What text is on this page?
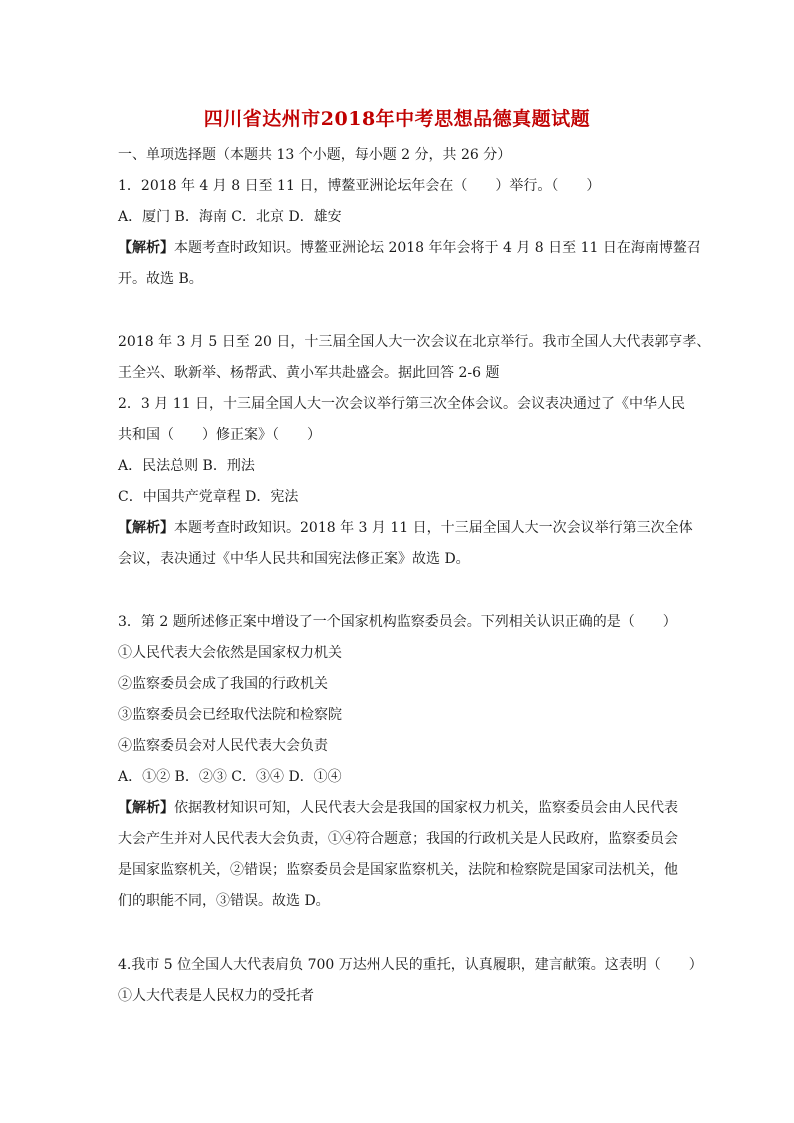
四川省达州市2018年中考思想品德真题试题
一、单项选择题（本题共 13 个小题，每小题 2 分，共 26 分）
1．2018 年 4 月 8 日至 11 日，博鳌亚洲论坛年会在（　　）举行。（　　）
A．厦门 B．海南 C．北京 D．雄安
【解析】本题考查时政知识。博鳌亚洲论坛 2018 年年会将于 4 月 8 日至 11 日在海南博鳌召
开。故选 B。
2018 年 3 月 5 日至 20 日，十三届全国人大一次会议在北京举行。我市全国人大代表郭亨孝、
王全兴、耿新举、杨帮武、黄小军共赴盛会。据此回答 2-6 题
2．3 月 11 日，十三届全国人大一次会议举行第三次全体会议。会议表决通过了《中华人民
共和国（　　）修正案》（　　）
A．民法总则 B．刑法
C．中国共产党章程 D．宪法
【解析】本题考查时政知识。2018 年 3 月 11 日，十三届全国人大一次会议举行第三次全体
会议，表决通过《中华人民共和国宪法修正案》故选 D。
3．第 2 题所述修正案中增设了一个国家机构监察委员会。下列相关认识正确的是（　　）
①人民代表大会依然是国家权力机关
②监察委员会成了我国的行政机关
③监察委员会已经取代法院和检察院
④监察委员会对人民代表大会负责
A．①② B．②③ C．③④ D．①④
【解析】依据教材知识可知，人民代表大会是我国的国家权力机关，监察委员会由人民代表
大会产生并对人民代表大会负责，①④符合题意；我国的行政机关是人民政府，监察委员会
是国家监察机关，②错误；监察委员会是国家监察机关，法院和检察院是国家司法机关，他
们的职能不同，③错误。故选 D。
4.我市 5 位全国人大代表肩负 700 万达州人民的重托，认真履职，建言献策。这表明（　　）
①人大代表是人民权力的受托者
